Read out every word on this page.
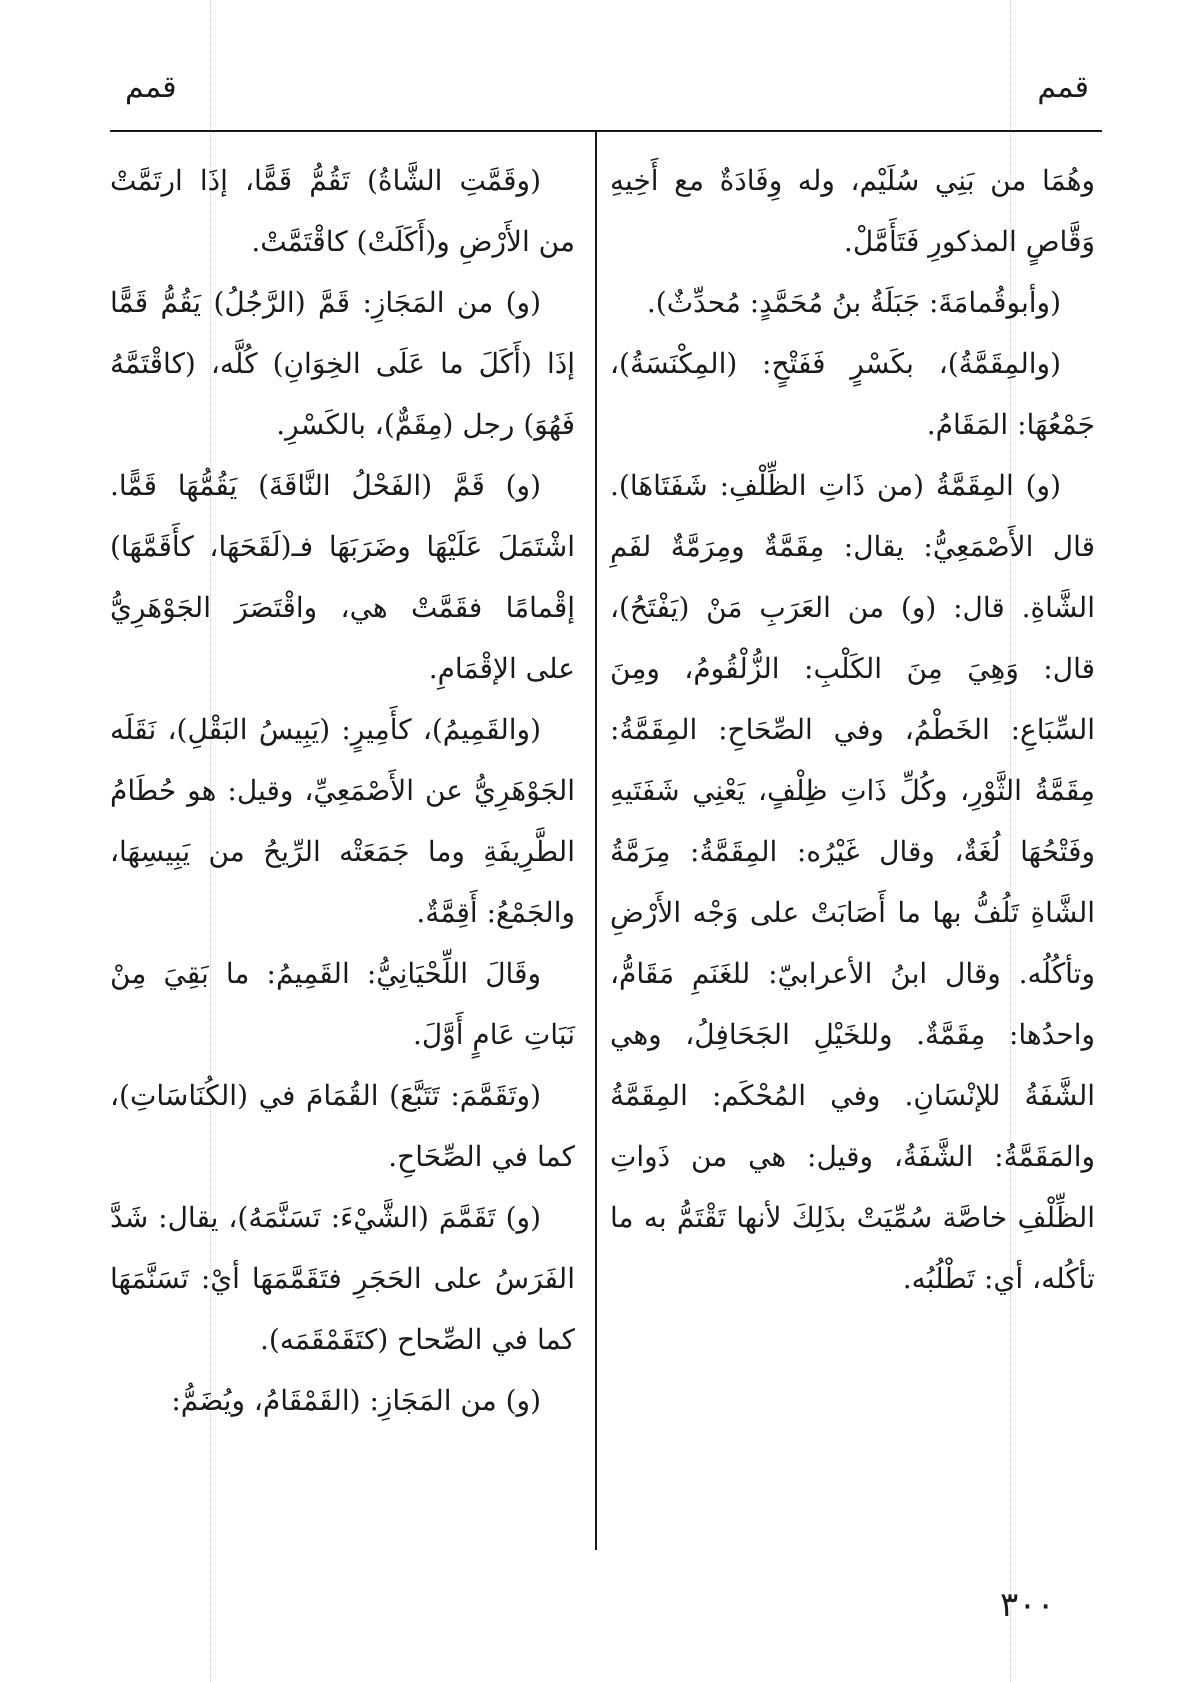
قمم
قمم

وهُمَا من بَنِي سُلَيْم، وله وِفَادَةٌ مع أَخِيهِ وَقَّاصٍ المذكورِ فَتَأَمَّلْ.

(وأبوقُمامَةَ: جَبَلَةُ بنُ مُحَمَّدٍ: مُحدِّثٌ).

(والمِقَمَّةُ)، بكَسْرٍ فَفَتْحٍ: (المِكْنَسَةُ)، جَمْعُهَا: المَقَامُ.

(و) المِقَمَّةُ (من ذَاتِ الظِّلْفِ: شَفَتَاهَا). قال الأَصْمَعِيُّ: يقال: مِقَمَّةٌ ومِرَمَّةٌ لفَمِ الشَّاةِ. قال: (و) من العَرَبِ مَنْ (يَفْتَحُ)، قال: وَهِيَ مِنَ الكَلْبِ: الزُّلْقُومُ، ومِنَ السِّبَاعِ: الخَطْمُ، وفي الصِّحَاحِ: المِقَمَّةُ: مِقَمَّةُ الثَّوْرِ، وكُلِّ ذَاتِ ظِلْفٍ، يَعْنِي شَفَتَيهِ وفَتْحُهَا لُغَةٌ، وقال غَيْرُه: المِقَمَّةُ: مِرَمَّةُ الشَّاةِ تَلُفُّ بها ما أَصَابَتْ على وَجْه الأَرْضِ وتأكُلُه. وقال ابنُ الأعرابيّ: للغَنَمِ مَقَامُّ، واحدُها: مِقَمَّةٌ. وللخَيْلِ الجَحَافِلُ، وهي الشَّفَةُ للإنْسَانِ. وفي المُحْكَم: المِقَمَّةُ والمَقَمَّةُ: الشَّفَةُ، وقيل: هي من ذَواتِ الظِّلْفِ خاصَّة سُمِّيَتْ بذَلِكَ لأنها تَقْتَمُّ به ما تأكُله، أي: تَطْلُبُه.

(وقَمَّتِ الشَّاةُ) تَقُمُّ قَمًّا، إذَا ارتَمَّتْ من الأَرْضِ و(أَكَلَتْ) كاقْتَمَّتْ.

(و) من المَجَازِ: قَمَّ (الرَّجُلُ) يَقُمُّ قَمًّا إذَا (أَكَلَ ما عَلَى الخِوَانِ) كُلَّه، (كاقْتَمَّهُ فَهُوَ) رجل (مِقَمٌّ)، بالكَسْرِ.

(و) قَمَّ (الفَحْلُ النَّاقَةَ) يَقُمُّهَا قَمًّا. اشْتَمَلَ عَلَيْهَا وضَرَبَهَا فـ(لَقَحَهَا، كأَقَمَّهَا) إقْمامًا فقَمَّتْ هي، واقْتَصَرَ الجَوْهَرِيُّ على الإقْمَامِ.

(والقَمِيمُ)، كأَمِيرٍ: (يَبِيسُ البَقْلِ)، نَقَلَه الجَوْهَرِيُّ عن الأَصْمَعِيِّ، وقيل: هو حُطَامُ الطَّرِيفَةِ وما جَمَعَتْه الرِّيحُ من يَبِيسِهَا، والجَمْعُ: أَقِمَّةٌ.

وقَالَ اللِّحْيَانِيُّ: القَمِيمُ: ما بَقِيَ مِنْ نَبَاتِ عَامٍ أَوَّلَ.

(وتَقَمَّمَ: تَتَبَّعَ) القُمَامَ في (الكُنَاسَاتِ)، كما في الصِّحَاحِ.

(و) تَقَمَّمَ (الشَّيْءَ: تَسَنَّمَهُ)، يقال: شَدَّ الفَرَسُ على الحَجَرِ فتَقَمَّمَهَا أيْ: تَسَنَّمَهَا كما في الصِّحاح (كتَقَمْقَمَه).

(و) من المَجَازِ: (القَمْقَامُ، ويُضَمُّ:

٣٠٠
